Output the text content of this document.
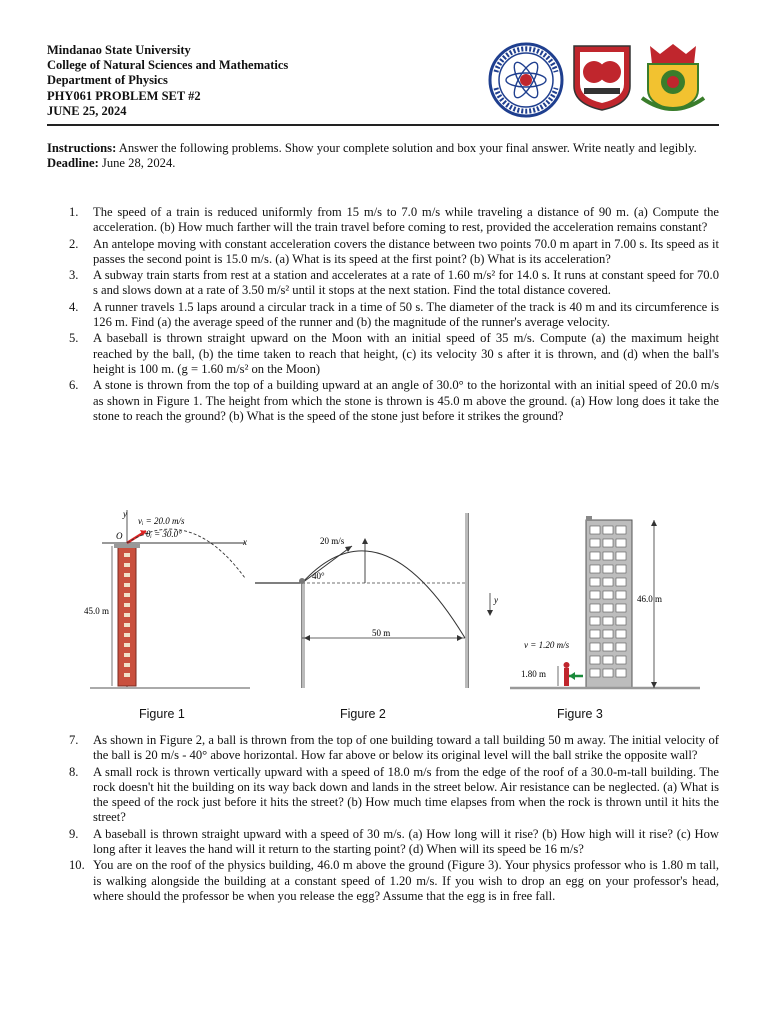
Mindanao State University
College of Natural Sciences and Mathematics
Department of Physics
PHY061 PROBLEM SET #2
JUNE 25, 2024
Instructions: Answer the following problems. Show your complete solution and box your final answer. Write neatly and legibly.
Deadline: June 28, 2024.
1.	The speed of a train is reduced uniformly from 15 m/s to 7.0 m/s while traveling a distance of 90 m. (a) Compute the acceleration. (b) How much farther will the train travel before coming to rest, provided the acceleration remains constant?
2.	An antelope moving with constant acceleration covers the distance between two points 70.0 m apart in 7.00 s. Its speed as it passes the second point is 15.0 m/s. (a) What is its speed at the first point? (b) What is its acceleration?
3.	A subway train starts from rest at a station and accelerates at a rate of 1.60 m/s² for 14.0 s. It runs at constant speed for 70.0 s and slows down at a rate of 3.50 m/s² until it stops at the next station. Find the total distance covered.
4.	A runner travels 1.5 laps around a circular track in a time of 50 s. The diameter of the track is 40 m and its circumference is 126 m. Find (a) the average speed of the runner and (b) the magnitude of the runner's average velocity.
5.	A baseball is thrown straight upward on the Moon with an initial speed of 35 m/s. Compute (a) the maximum height reached by the ball, (b) the time taken to reach that height, (c) its velocity 30 s after it is thrown, and (d) when the ball's height is 100 m. (g = 1.60 m/s² on the Moon)
6.	A stone is thrown from the top of a building upward at an angle of 30.0° to the horizontal with an initial speed of 20.0 m/s as shown in Figure 1. The height from which the stone is thrown is 45.0 m above the ground. (a) How long does it take the stone to reach the ground? (b) What is the speed of the stone just before it strikes the ground?
vᵢ = 20.0 m/s
θᵢ = 30.0°
45.0 m
O
x
y
20 m/s
40°
50 m
y	46.0 m
v = 1.20 m/s
1.80 m
Figure 1	Figure 2	Figure 3
7.	As shown in Figure 2, a ball is thrown from the top of one building toward a tall building 50 m away. The initial velocity of the ball is 20 m/s - 40° above horizontal. How far above or below its original level will the ball strike the opposite wall?
8.	A small rock is thrown vertically upward with a speed of 18.0 m/s from the edge of the roof of a 30.0-m-tall building. The rock doesn't hit the building on its way back down and lands in the street below. Air resistance can be neglected. (a) What is the speed of the rock just before it hits the street? (b) How much time elapses from when the rock is thrown until it hits the street?
9.	A baseball is thrown straight upward with a speed of 30 m/s. (a) How long will it rise? (b) How high will it rise? (c) How long after it leaves the hand will it return to the starting point? (d) When will its speed be 16 m/s?
10. You are on the roof of the physics building, 46.0 m above the ground (Figure 3). Your physics professor who is 1.80 m tall, is walking alongside the building at a constant speed of 1.20 m/s. If you wish to drop an egg on your professor's head, where should the professor be when you release the egg? Assume that the egg is in free fall.
